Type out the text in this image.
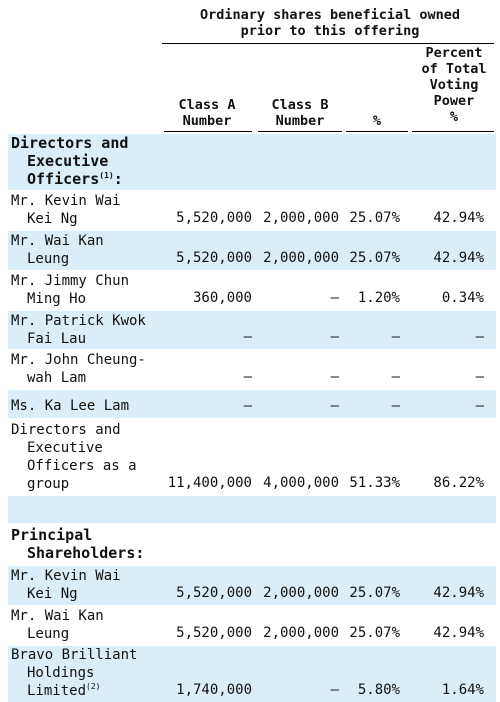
Ordinary shares beneficial owned
prior to this offering
Class A
Number
Class B
Number	%
Percent
of Total
Voting
Power
%
Directors and
Executive
Officers$^{(1)}$:
Mr. Kevin Wai
Kei Ng	5,520,000 2,000,000 25.07% 42.94%
Mr. Wai Kan
Leung	5,520,000 2,000,000 25.07% 42.94%
Mr. Jimmy Chun
Ming Ho	360,000	— 1.20%	0.34%
Mr. Patrick Kwok
Fai Lau	—	—	—	—
Mr. John Cheung-
wah Lam	—	—	—	—
Ms. Ka Lee Lam	—	—	—	—
Directors and
Executive
Officers as a
group	11,400,000 4,000,000 51.33% 86.22%
Principal
Shareholders:
Mr. Kevin Wai
Kei Ng	5,520,000 2,000,000 25.07% 42.94%
Mr. Wai Kan
Leung	5,520,000 2,000,000 25.07% 42.94%
Bravo Brilliant
Holdings
Limited$^{(2)}$	1,740,000	— 5.80%	1.64%
